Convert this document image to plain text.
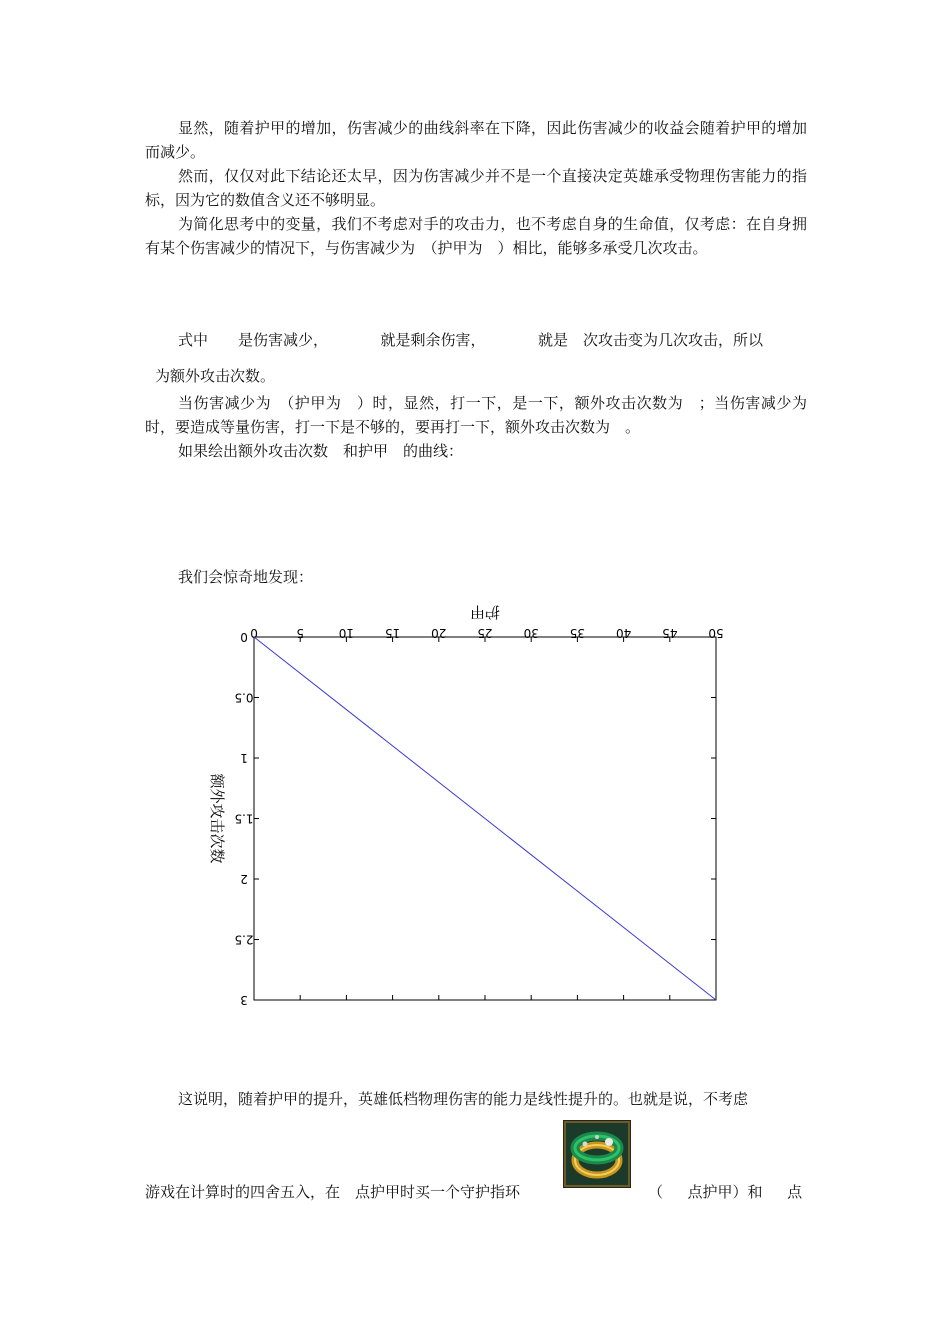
显然，随着护甲的增加，伤害减少的曲线斜率在下降，因此伤害减少的收益会随着护甲的增加而减少。

然而，仅仅对此下结论还太早，因为伤害减少并不是一个直接决定英雄承受物理伤害能力的指标，因为它的数值含义还不够明显。

为简化思考中的变量，我们不考虑对手的攻击力，也不考虑自身的生命值，仅考虑：在自身拥有某个伤害减少的情况下，与伤害减少为　（护甲为　）相比，能够多承受几次攻击。

式中　　是伤害减少，　　　　就是剩余伤害，　　　　就是　次攻击变为几次攻击，所以

为额外攻击次数。

当伤害减少为　（护甲为　）时，显然，打一下，是一下，额外攻击次数为　；当伤害减少为　　时，要造成等量伤害，打一下是不够的，要再打一下，额外攻击次数为　。

如果绘出额外攻击次数　和护甲　的曲线：

我们会惊奇地发现：

0	5	10	15	20	25	30	35	40	45	50
0
0.5
1
1.5
2
2.5
3
护甲
额外攻击次数

这说明，随着护甲的提升，英雄低档物理伤害的能力是线性提升的。也就是说，不考虑

游戏在计算时的四舍五入，在　点护甲时买一个守护指环	（　  点护甲）和　  点
